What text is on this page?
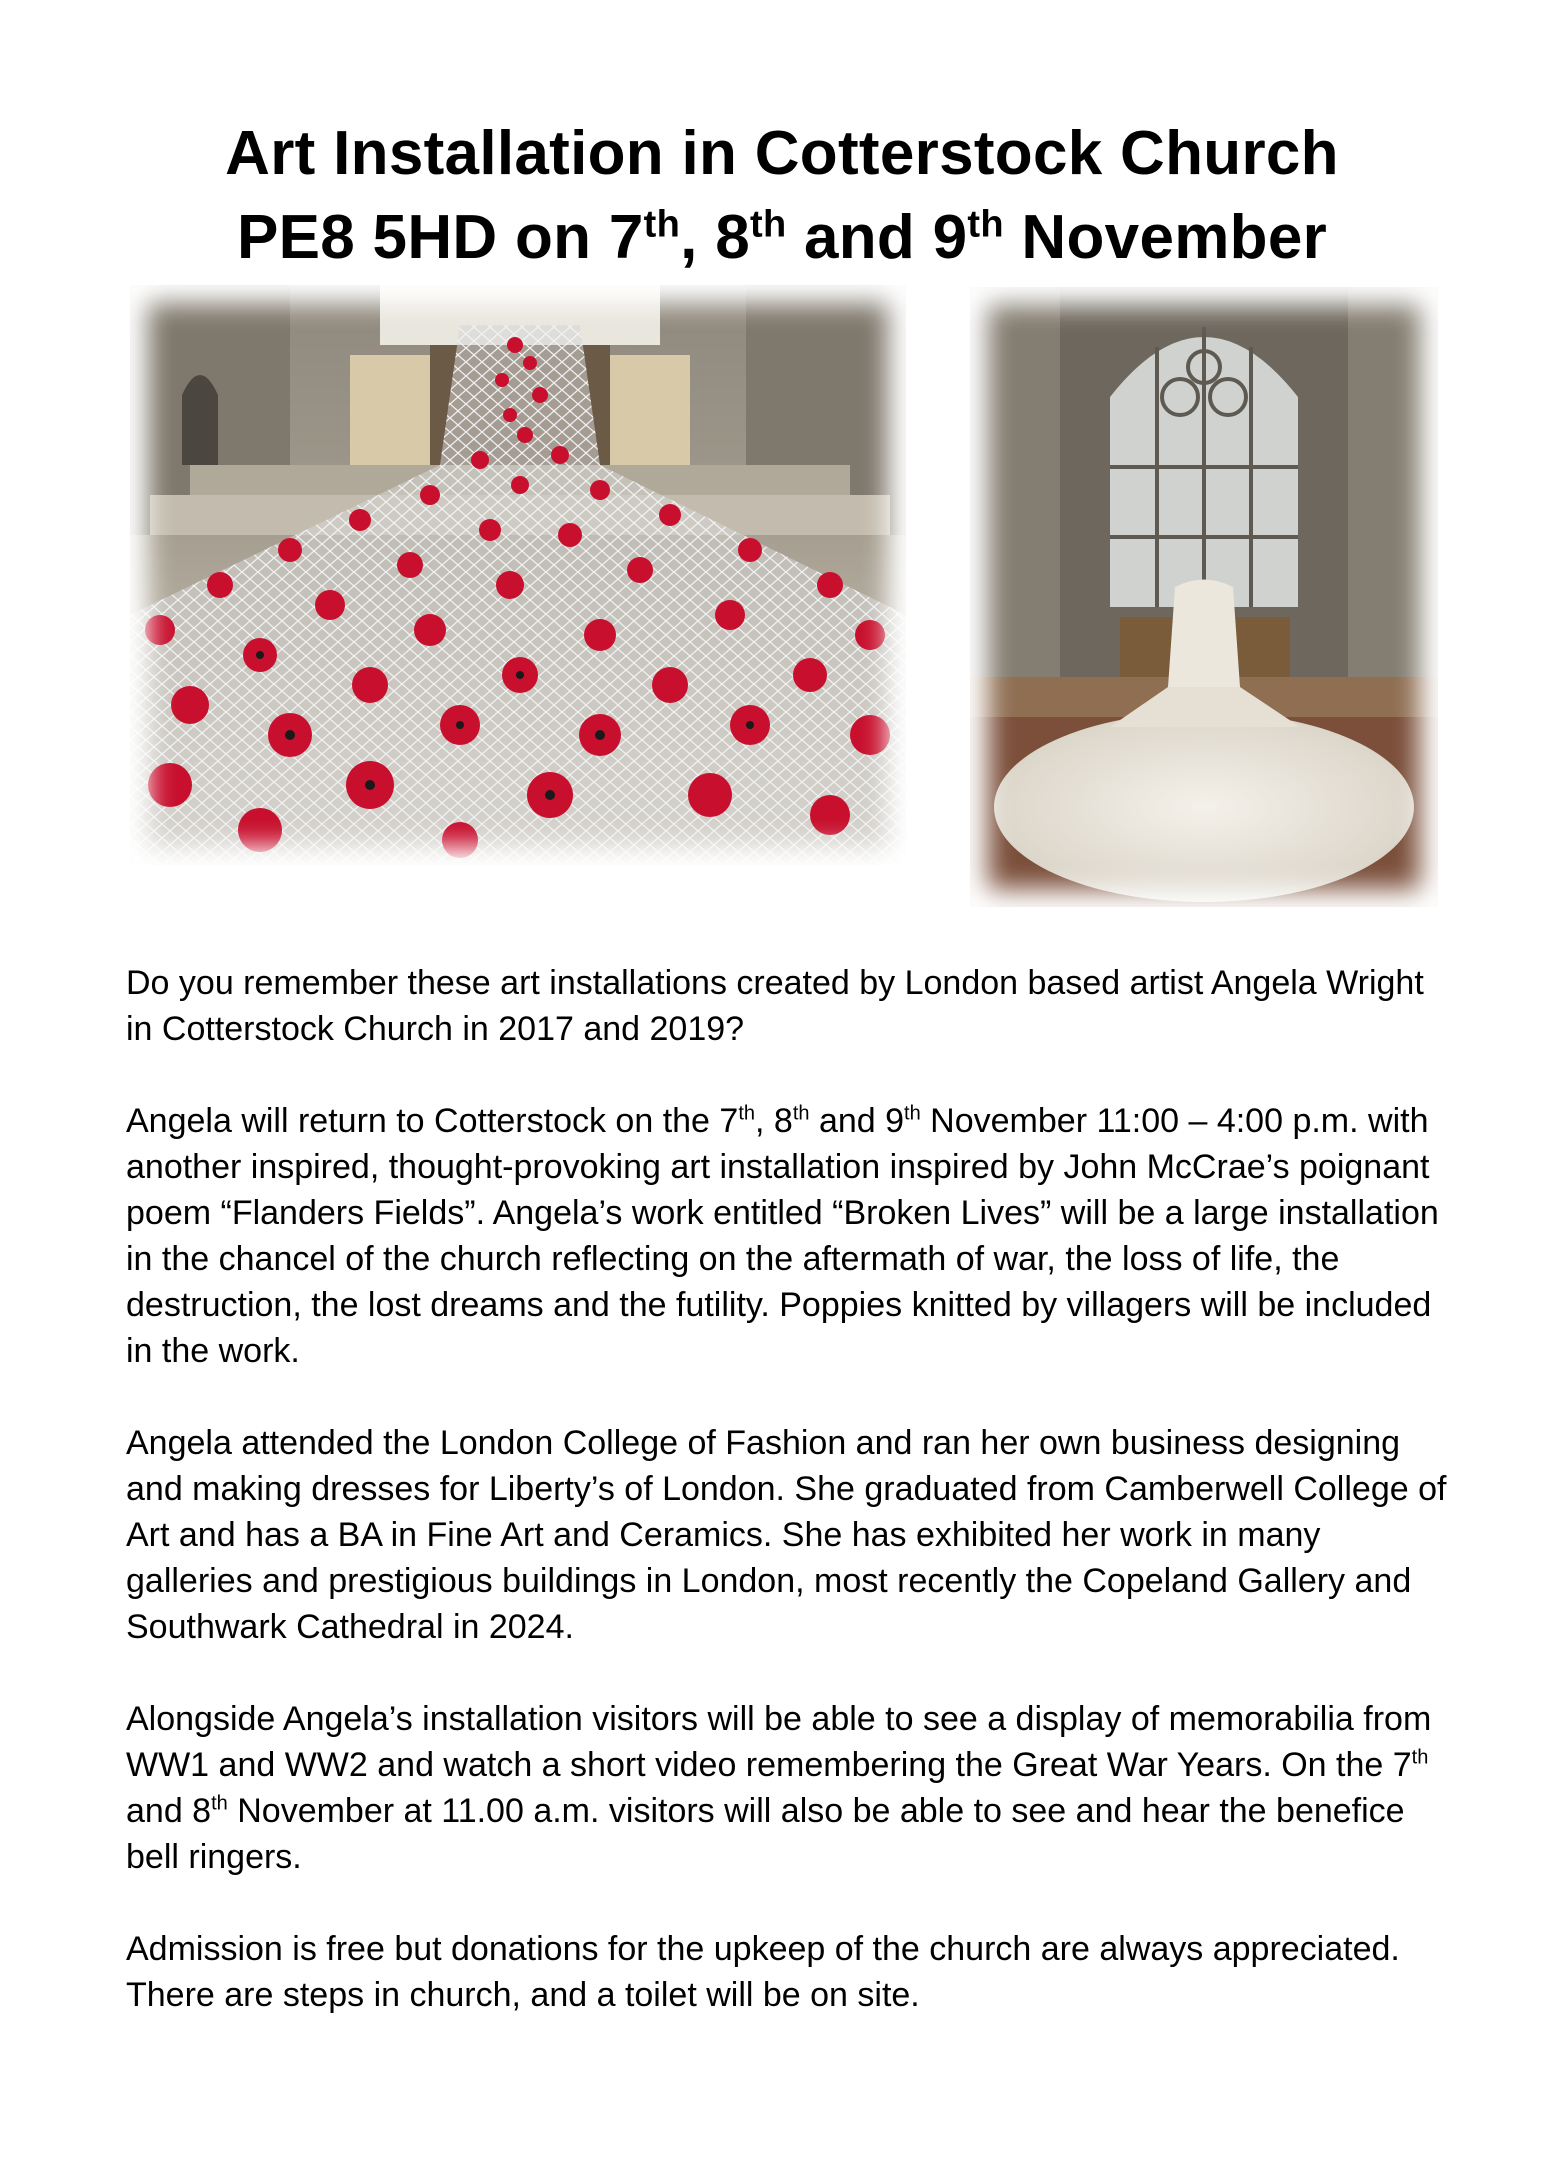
Art Installation in Cotterstock Church
PE8 5HD on 7th, 8th and 9th November

Do you remember these art installations created by London based artist Angela Wright in Cotterstock Church in 2017 and 2019?

Angela will return to Cotterstock on the 7th, 8th and 9th November 11:00 – 4:00 p.m. with another inspired, thought-provoking art installation inspired by John McCrae’s poignant poem “Flanders Fields”. Angela’s work entitled “Broken Lives” will be a large installation in the chancel of the church reflecting on the aftermath of war, the loss of life, the destruction, the lost dreams and the futility. Poppies knitted by villagers will be included in the work.

Angela attended the London College of Fashion and ran her own business designing and making dresses for Liberty’s of London. She graduated from Camberwell College of Art and has a BA in Fine Art and Ceramics. She has exhibited her work in many galleries and prestigious buildings in London, most recently the Copeland Gallery and Southwark Cathedral in 2024.

Alongside Angela’s installation visitors will be able to see a display of memorabilia from WW1 and WW2 and watch a short video remembering the Great War Years. On the 7th and 8th November at 11.00 a.m. visitors will also be able to see and hear the benefice bell ringers.

Admission is free but donations for the upkeep of the church are always appreciated. There are steps in church, and a toilet will be on site.
